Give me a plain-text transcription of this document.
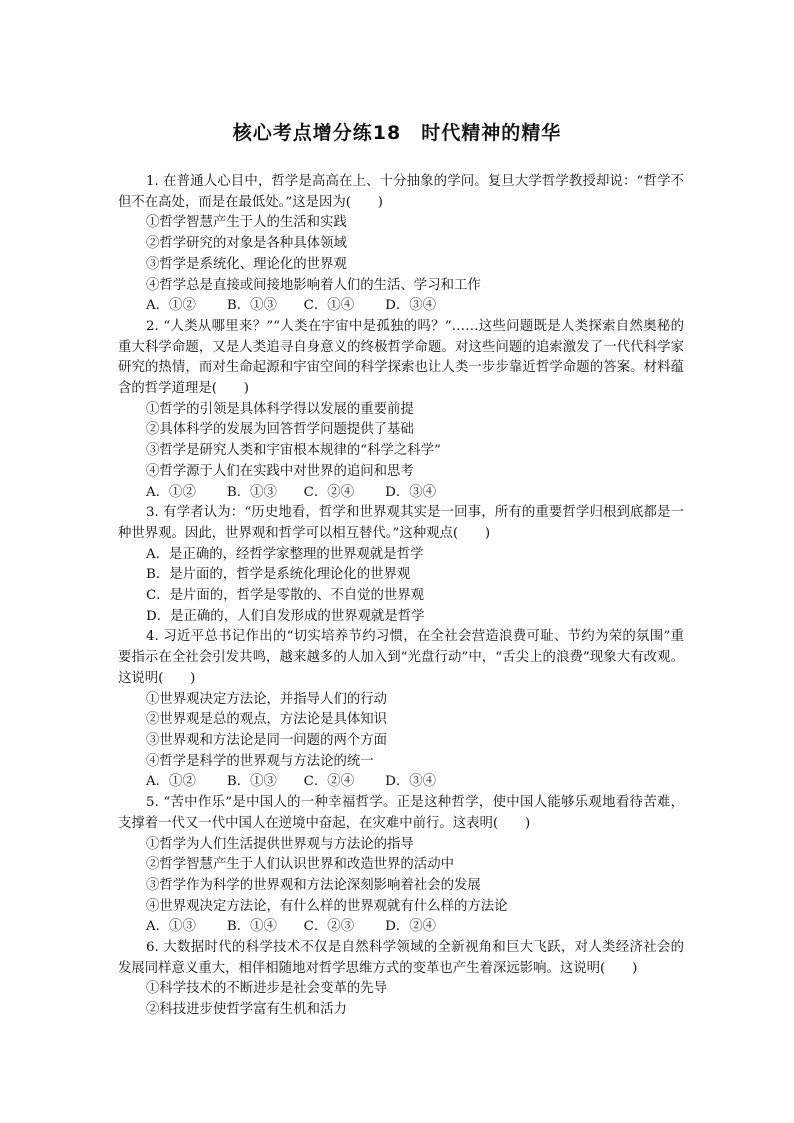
核心考点增分练18　时代精神的精华

1. 在普通人心目中，哲学是高高在上、十分抽象的学问。复旦大学哲学教授却说：“哲学不但不在高处，而是在最低处。”这是因为(　　)

①哲学智慧产生于人的生活和实践

②哲学研究的对象是各种具体领域

③哲学是系统化、理论化的世界观

④哲学总是直接或间接地影响着人们的生活、学习和工作

A．①②　　 B．①③　　C．①④　　 D．③④

2. “人类从哪里来？”“人类在宇宙中是孤独的吗？”……这些问题既是人类探索自然奥秘的重大科学命题，又是人类追寻自身意义的终极哲学命题。对这些问题的追索激发了一代代科学家研究的热情，而对生命起源和宇宙空间的科学探索也让人类一步步靠近哲学命题的答案。材料蕴含的哲学道理是(　　)

①哲学的引领是具体科学得以发展的重要前提

②具体科学的发展为回答哲学问题提供了基础

③哲学是研究人类和宇宙根本规律的“科学之科学”

④哲学源于人们在实践中对世界的追问和思考

A．①②　　 B．①③　　C．②④　　 D．③④

3. 有学者认为：“历史地看，哲学和世界观其实是一回事，所有的重要哲学归根到底都是一种世界观。因此，世界观和哲学可以相互替代。”这种观点(　　)

A．是正确的，经哲学家整理的世界观就是哲学

B．是片面的，哲学是系统化理论化的世界观

C．是片面的，哲学是零散的、不自觉的世界观

D．是正确的，人们自发形成的世界观就是哲学

4. 习近平总书记作出的“切实培养节约习惯，在全社会营造浪费可耻、节约为荣的氛围”重要指示在全社会引发共鸣，越来越多的人加入到“光盘行动”中，“舌尖上的浪费”现象大有改观。这说明(　　)

①世界观决定方法论，并指导人们的行动

②世界观是总的观点，方法论是具体知识

③世界观和方法论是同一问题的两个方面

④哲学是科学的世界观与方法论的统一

A．①②　　 B．①③　　C．②④　　 D．③④

5. “苦中作乐”是中国人的一种幸福哲学。正是这种哲学，使中国人能够乐观地看待苦难，支撑着一代又一代中国人在逆境中奋起，在灾难中前行。这表明(　　)

①哲学为人们生活提供世界观与方法论的指导

②哲学智慧产生于人们认识世界和改造世界的活动中

③哲学作为科学的世界观和方法论深刻影响着社会的发展

④世界观决定方法论，有什么样的世界观就有什么样的方法论

A．①③　　 B．①④　　C．②③　　 D．②④

6. 大数据时代的科学技术不仅是自然科学领域的全新视角和巨大飞跃，对人类经济社会的发展同样意义重大，相伴相随地对哲学思维方式的变革也产生着深远影响。这说明(　　)

①科学技术的不断进步是社会变革的先导

②科技进步使哲学富有生机和活力
